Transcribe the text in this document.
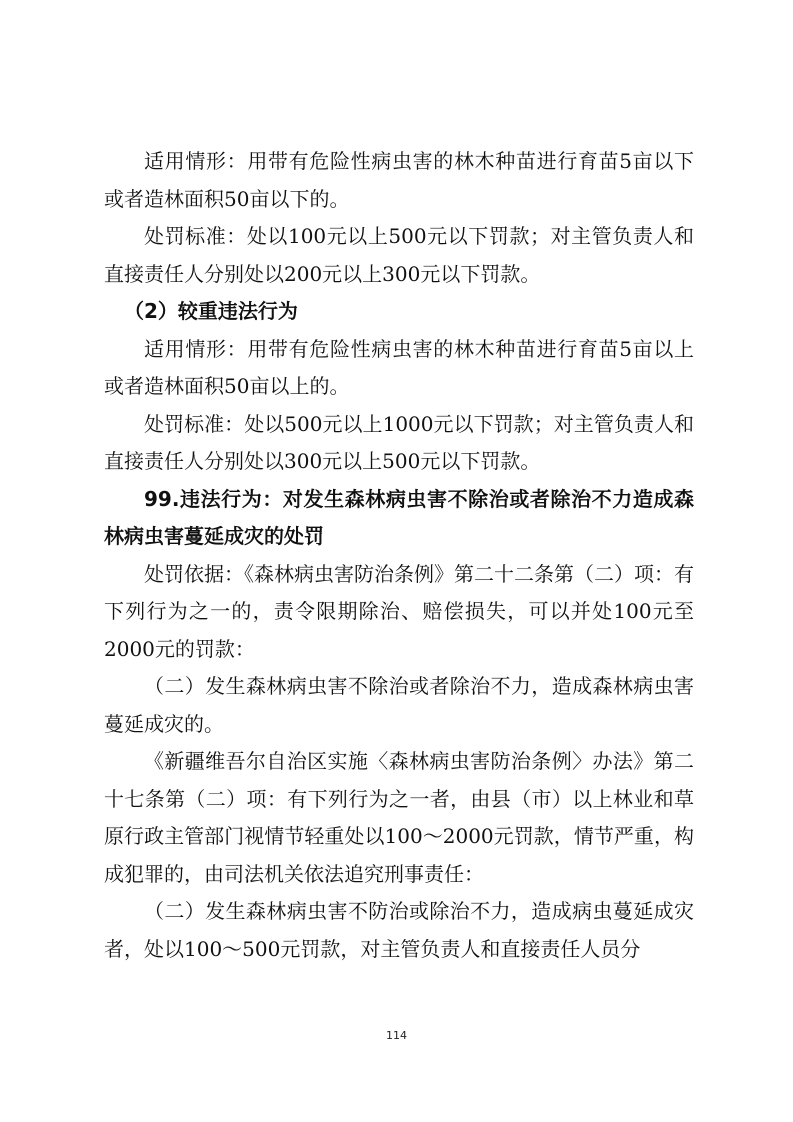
适用情形：用带有危险性病虫害的林木种苗进行育苗5亩以下或者造林面积50亩以下的。

处罚标准：处以100元以上500元以下罚款；对主管负责人和直接责任人分别处以200元以上300元以下罚款。

（2）较重违法行为

适用情形：用带有危险性病虫害的林木种苗进行育苗5亩以上或者造林面积50亩以上的。

处罚标准：处以500元以上1000元以下罚款；对主管负责人和直接责任人分别处以300元以上500元以下罚款。

99.违法行为：对发生森林病虫害不除治或者除治不力造成森林病虫害蔓延成灾的处罚

处罚依据：《森林病虫害防治条例》第二十二条第（二）项：有下列行为之一的，责令限期除治、赔偿损失，可以并处100元至2000元的罚款：

（二）发生森林病虫害不除治或者除治不力，造成森林病虫害蔓延成灾的。

《新疆维吾尔自治区实施〈森林病虫害防治条例〉办法》第二十七条第（二）项：有下列行为之一者，由县（市）以上林业和草原行政主管部门视情节轻重处以100～2000元罚款，情节严重，构成犯罪的，由司法机关依法追究刑事责任：

（二）发生森林病虫害不防治或除治不力，造成病虫蔓延成灾者，处以100～500元罚款，对主管负责人和直接责任人员分

114
